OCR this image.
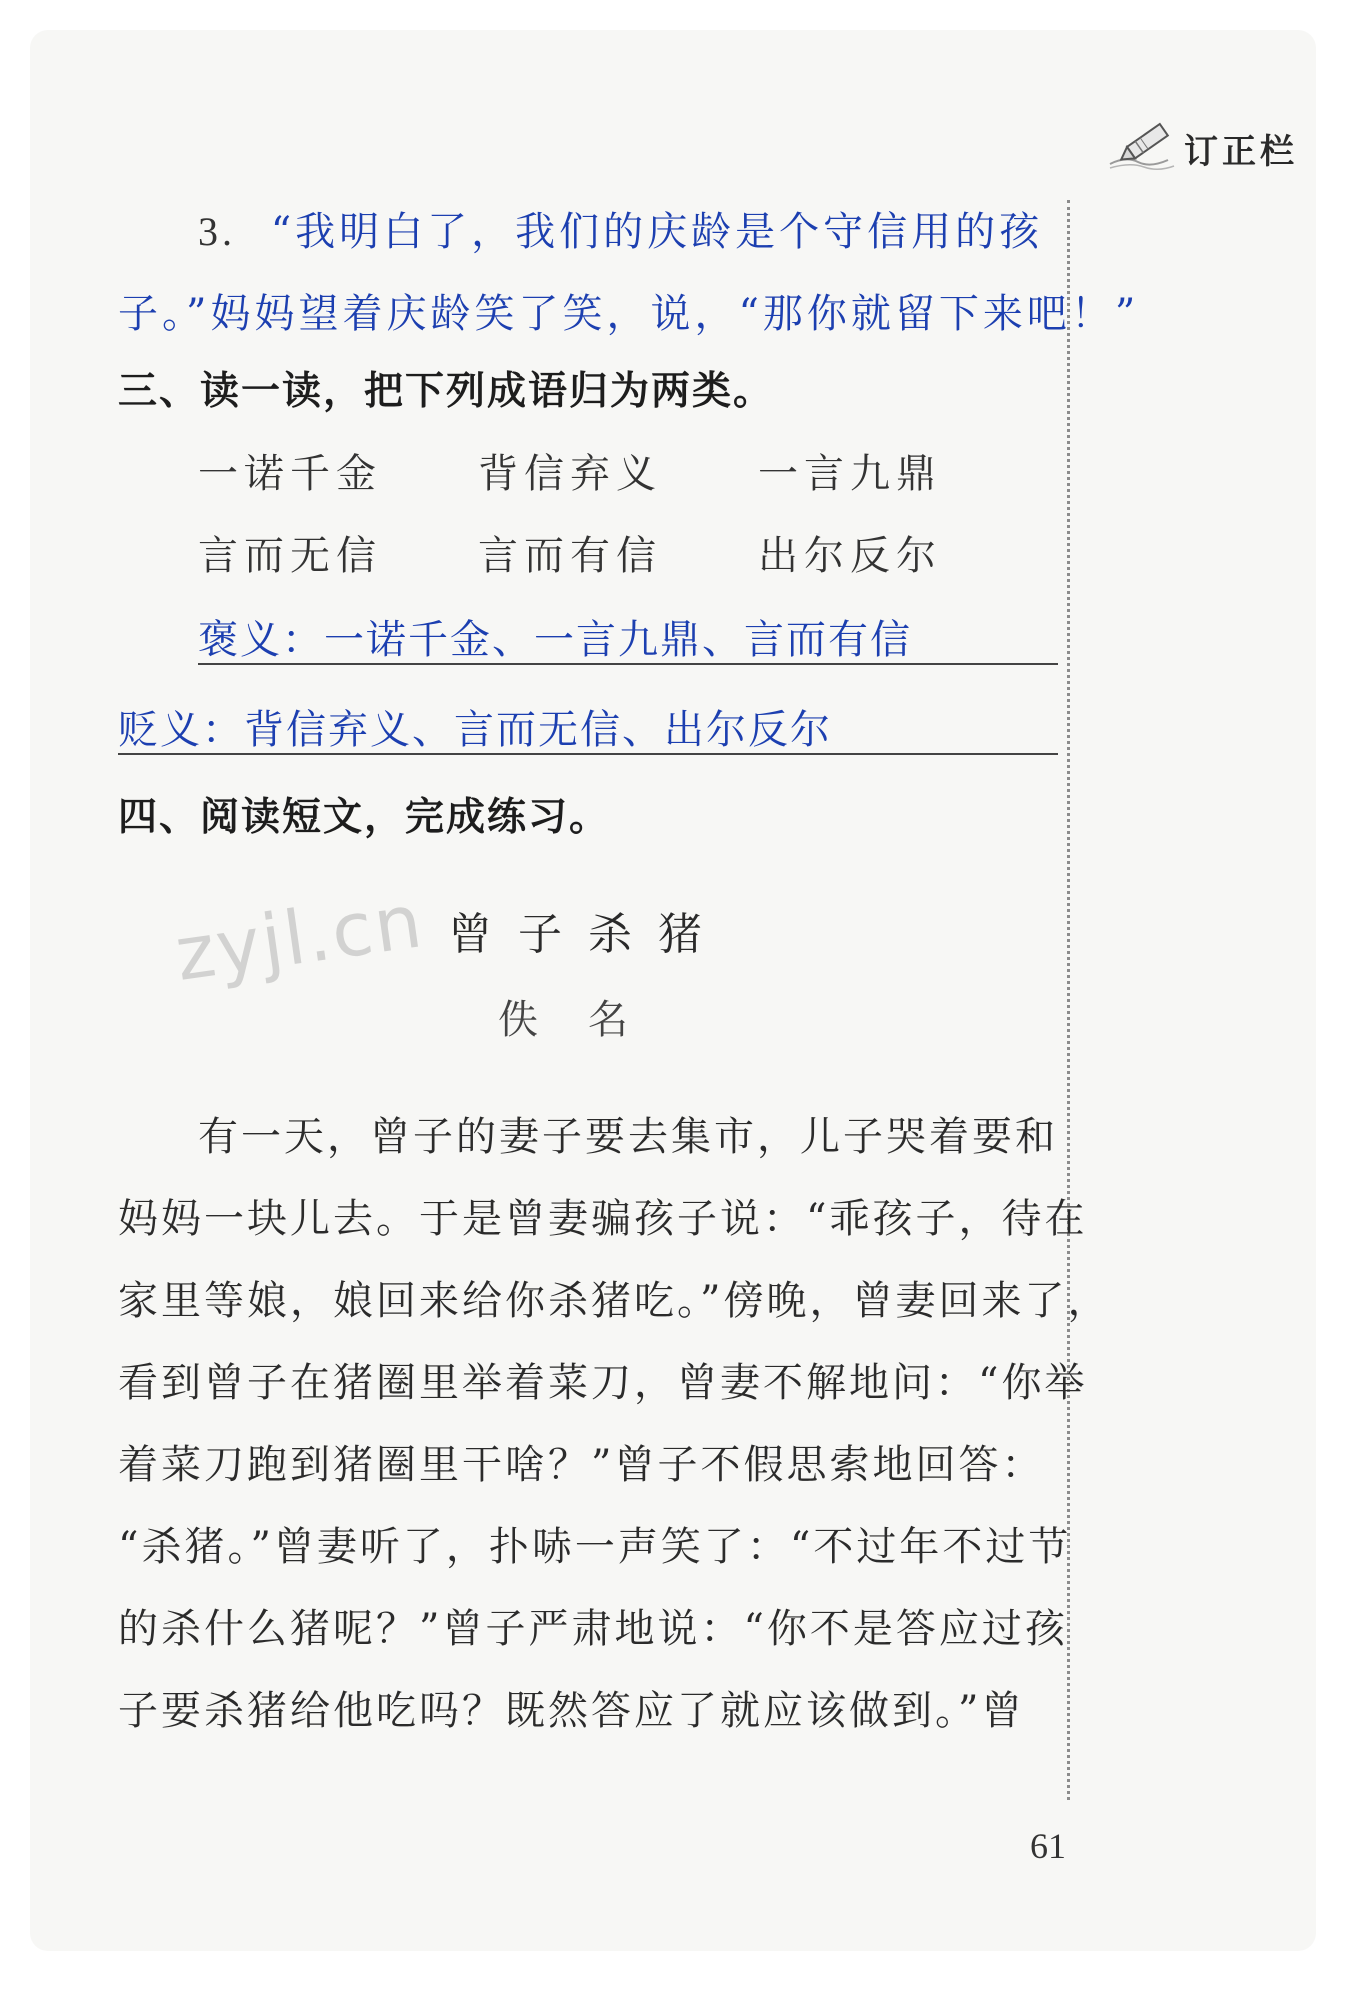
订正栏
3. “我明白了，我们的庆龄是个守信用的孩
子。”妈妈望着庆龄笑了笑，说，“那你就留下来吧！”
三、读一读，把下列成语归为两类。
一诺千金 背信弃义 一言九鼎
言而无信 言而有信 出尔反尔
褒义：一诺千金、一言九鼎、言而有信
贬义：背信弃义、言而无信、出尔反尔
四、阅读短文，完成练习。
曾子杀猪
佚名
有一天，曾子的妻子要去集市，儿子哭着要和
妈妈一块儿去。于是曾妻骗孩子说：“乖孩子，待在
家里等娘，娘回来给你杀猪吃。”傍晚，曾妻回来了，
看到曾子在猪圈里举着菜刀，曾妻不解地问：“你举
着菜刀跑到猪圈里干啥？”曾子不假思索地回答：
“杀猪。”曾妻听了，扑哧一声笑了：“不过年不过节
的杀什么猪呢？”曾子严肃地说：“你不是答应过孩
子要杀猪给他吃吗？既然答应了就应该做到。”曾
zyjl.cn
61
